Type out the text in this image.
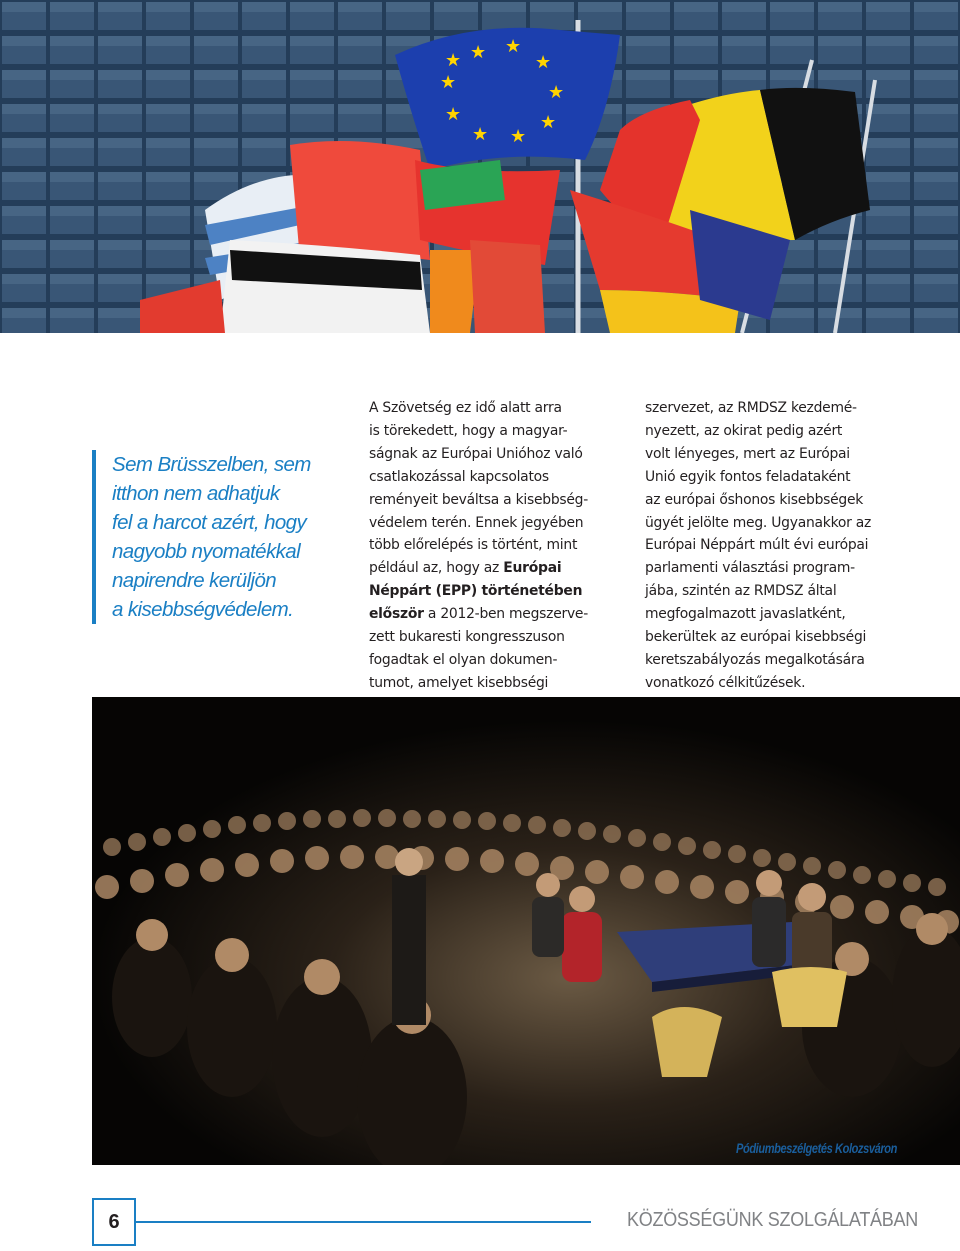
★ ★
★
★
★
★
★
★
★
★
Sem Brüsszelben, sem
itthon nem adhatjuk
fel a harcot azért, hogy
nagyobb nyomatékkal
napirendre kerüljön
a kisebbségvédelem.
A Szövetség ez idő alatt arra
is törekedett, hogy a magyar-
ságnak az Európai Unióhoz való
csatlakozással kapcsolatos
reményeit beváltsa a kisebbség-
védelem terén. Ennek jegyében
több előrelépés is történt, mint
például az, hogy az Európai
Néppárt (EPP) történetében
először a 2012-ben megszerve-
zett bukaresti kongresszuson
fogadtak el olyan dokumen-
tumot, amelyet kisebbségi
szervezet, az RMDSZ kezdemé-
nyezett, az okirat pedig azért
volt lényeges, mert az Európai
Unió egyik fontos feladataként
az európai őshonos kisebbségek
ügyét jelölte meg. Ugyanakkor az
Európai Néppárt múlt évi európai
parlamenti választási program-
jába, szintén az RMDSZ által
megfogalmazott javaslatként,
bekerültek az európai kisebbségi
keretszabályozás megalkotására
vonatkozó célkitűzések.
Pódiumbeszélgetés Kolozsváron
6	KÖZÖSSÉGÜNK SZOLGÁLATÁBAN
